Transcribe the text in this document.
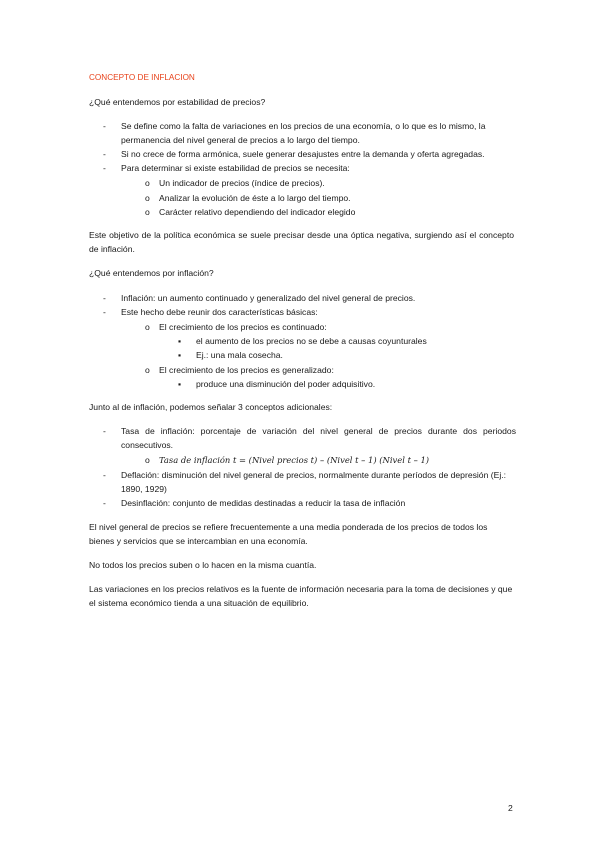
CONCEPTO DE INFLACION
¿Qué entendemos por estabilidad de precios?
- Se define como la falta de variaciones en los precios de una economía, o lo que es lo mismo, la permanencia del nivel general de precios a lo largo del tiempo.
- Si no crece de forma armónica, suele generar desajustes entre la demanda y oferta agregadas.
- Para determinar si existe estabilidad de precios se necesita:
o Un indicador de precios (índice de precios).
o Analizar la evolución de éste a lo largo del tiempo.
o Carácter relativo dependiendo del indicador elegido
Este objetivo de la política económica se suele precisar desde una óptica negativa, surgiendo así el concepto de inflación.
¿Qué entendemos por inflación?
- Inflación: un aumento continuado y generalizado del nivel general de precios.
- Este hecho debe reunir dos características básicas:
o El crecimiento de los precios es continuado:
▪ el aumento de los precios no se debe a causas coyunturales
▪ Ej.: una mala cosecha.
o El crecimiento de los precios es generalizado:
▪ produce una disminución del poder adquisitivo.
Junto al de inflación, podemos señalar 3 conceptos adicionales:
- Tasa de inflación: porcentaje de variación del nivel general de precios durante dos periodos consecutivos.
o Tasa de inflación t = (Nivel precios t) – (Nivel t – 1) (Nivel t – 1)
- Deflación: disminución del nivel general de precios, normalmente durante períodos de depresión (Ej.: 1890, 1929)
- Desinflación: conjunto de medidas destinadas a reducir la tasa de inflación
El nivel general de precios se refiere frecuentemente a una media ponderada de los precios de todos los bienes y servicios que se intercambian en una economía.
No todos los precios suben o lo hacen en la misma cuantía.
Las variaciones en los precios relativos es la fuente de información necesaria para la toma de decisiones y que el sistema económico tienda a una situación de equilibrio.
2
